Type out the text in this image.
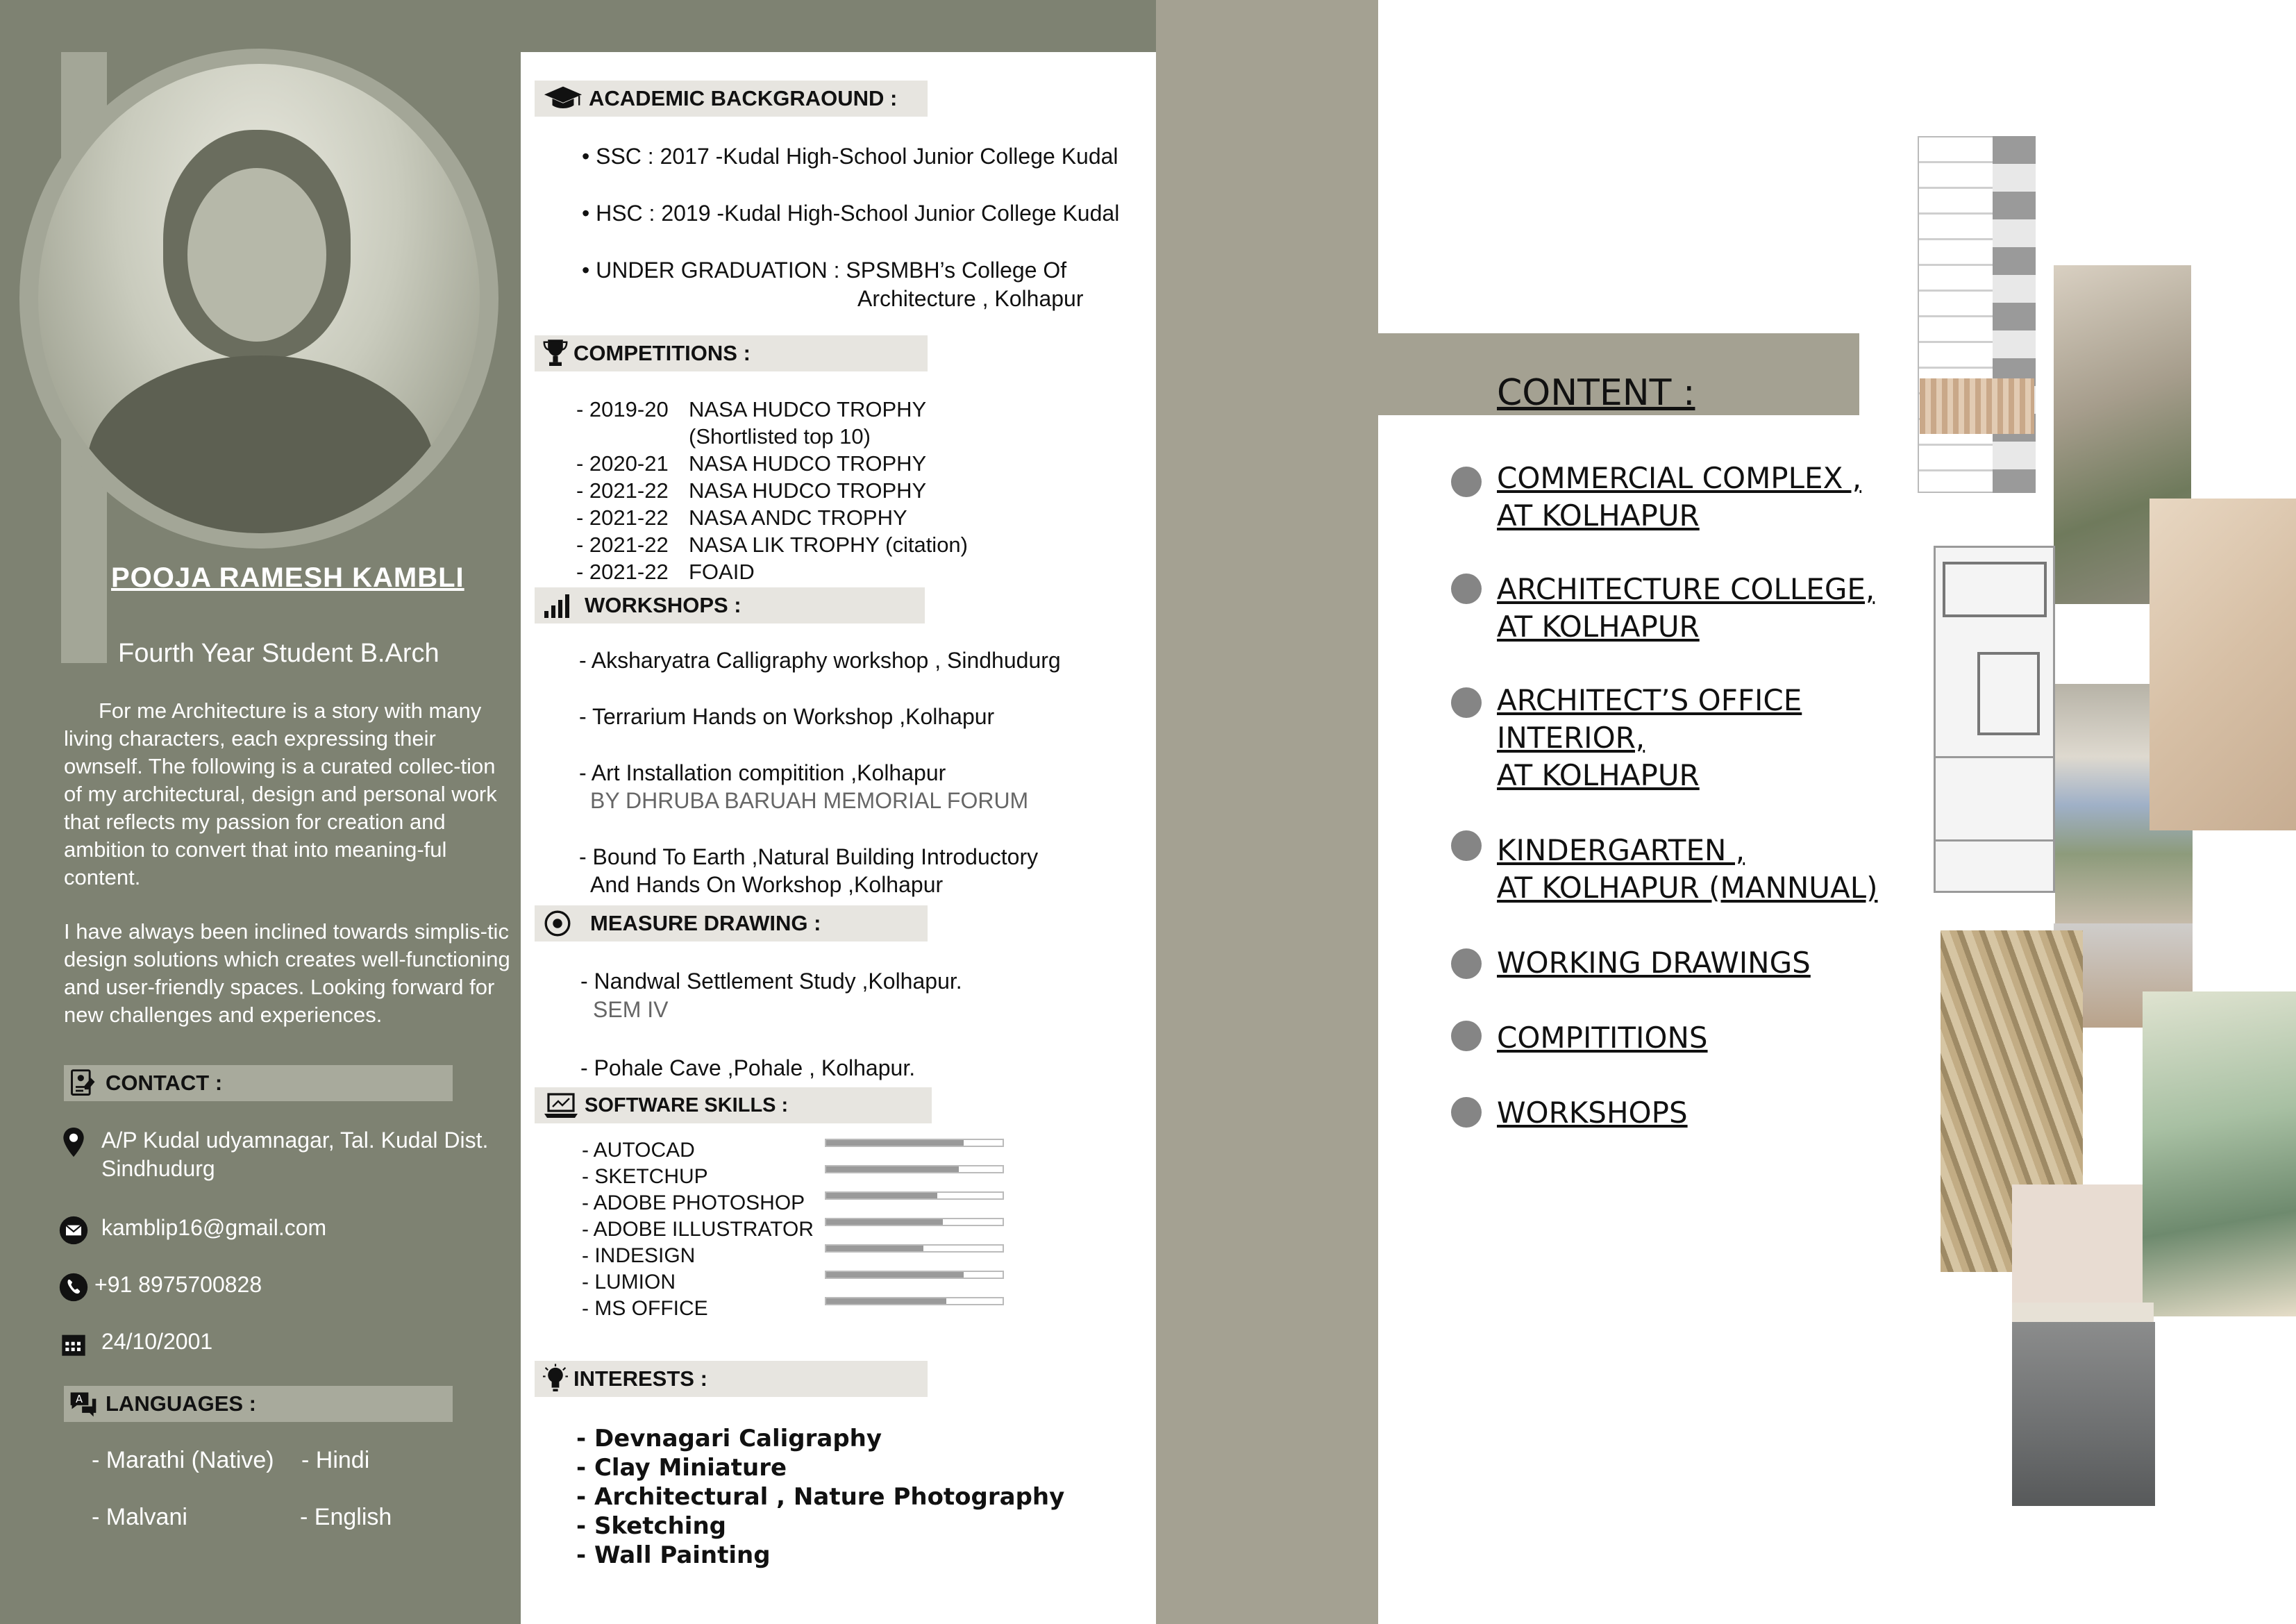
POOJA RAMESH KAMBLI
Fourth Year Student B.Arch

For me Architecture is a story with many living characters, each expressing their ownself. The following is a curated collec-tion of my architectural, design and personal work that reflects my passion for creation and ambition to convert that into meaning-ful content.

I have always been inclined towards simplis-tic design solutions which creates well-functioning and user-friendly spaces. Looking forward for new challenges and experiences.

CONTACT :
A/P Kudal udyamnagar, Tal. Kudal Dist.
Sindhudurg
kamblip16@gmail.com
+91 8975700828
24/10/2001
A LANGUAGES :
- Marathi (Native) - Hindi
- Malvani	- English
ACADEMIC BACKGRAOUND :
• SSC : 2017 -Kudal High-School Junior College Kudal
• HSC : 2019 -Kudal High-School Junior College Kudal
• UNDER GRADUATION : SPSMBH’s College Of
Architecture , Kolhapur
COMPETITIONS :
- 2019-20 NASA HUDCO TROPHY
(Shortlisted top 10)
- 2020-21 NASA HUDCO TROPHY
- 2021-22 NASA HUDCO TROPHY
- 2021-22 NASA ANDC TROPHY
- 2021-22 NASA LIK TROPHY (citation)
- 2021-22 FOAID
WORKSHOPS :
- Aksharyatra Calligraphy workshop , Sindhudurg
- Terrarium Hands on Workshop ,Kolhapur
- Art Installation compitition ,Kolhapur
BY DHRUBA BARUAH MEMORIAL FORUM
- Bound To Earth ,Natural Building Introductory
And Hands On Workshop ,Kolhapur
MEASURE DRAWING :
- Nandwal Settlement Study ,Kolhapur.
SEM IV
- Pohale Cave ,Pohale , Kolhapur.
SOFTWARE SKILLS :
- AUTOCAD
- SKETCHUP
- ADOBE PHOTOSHOP
- ADOBE ILLUSTRATOR
- INDESIGN
- LUMION
- MS OFFICE
INTERESTS :
- Devnagari Caligraphy
- Clay Miniature
- Architectural , Nature Photography
- Sketching
- Wall Painting
CONTENT :
COMMERCIAL COMPLEX ,
AT KOLHAPUR
ARCHITECTURE COLLEGE,
AT KOLHAPUR
ARCHITECT’S OFFICE
INTERIOR,
AT KOLHAPUR
KINDERGARTEN ,
AT KOLHAPUR (MANNUAL)
WORKING DRAWINGS
COMPITITIONS
WORKSHOPS
